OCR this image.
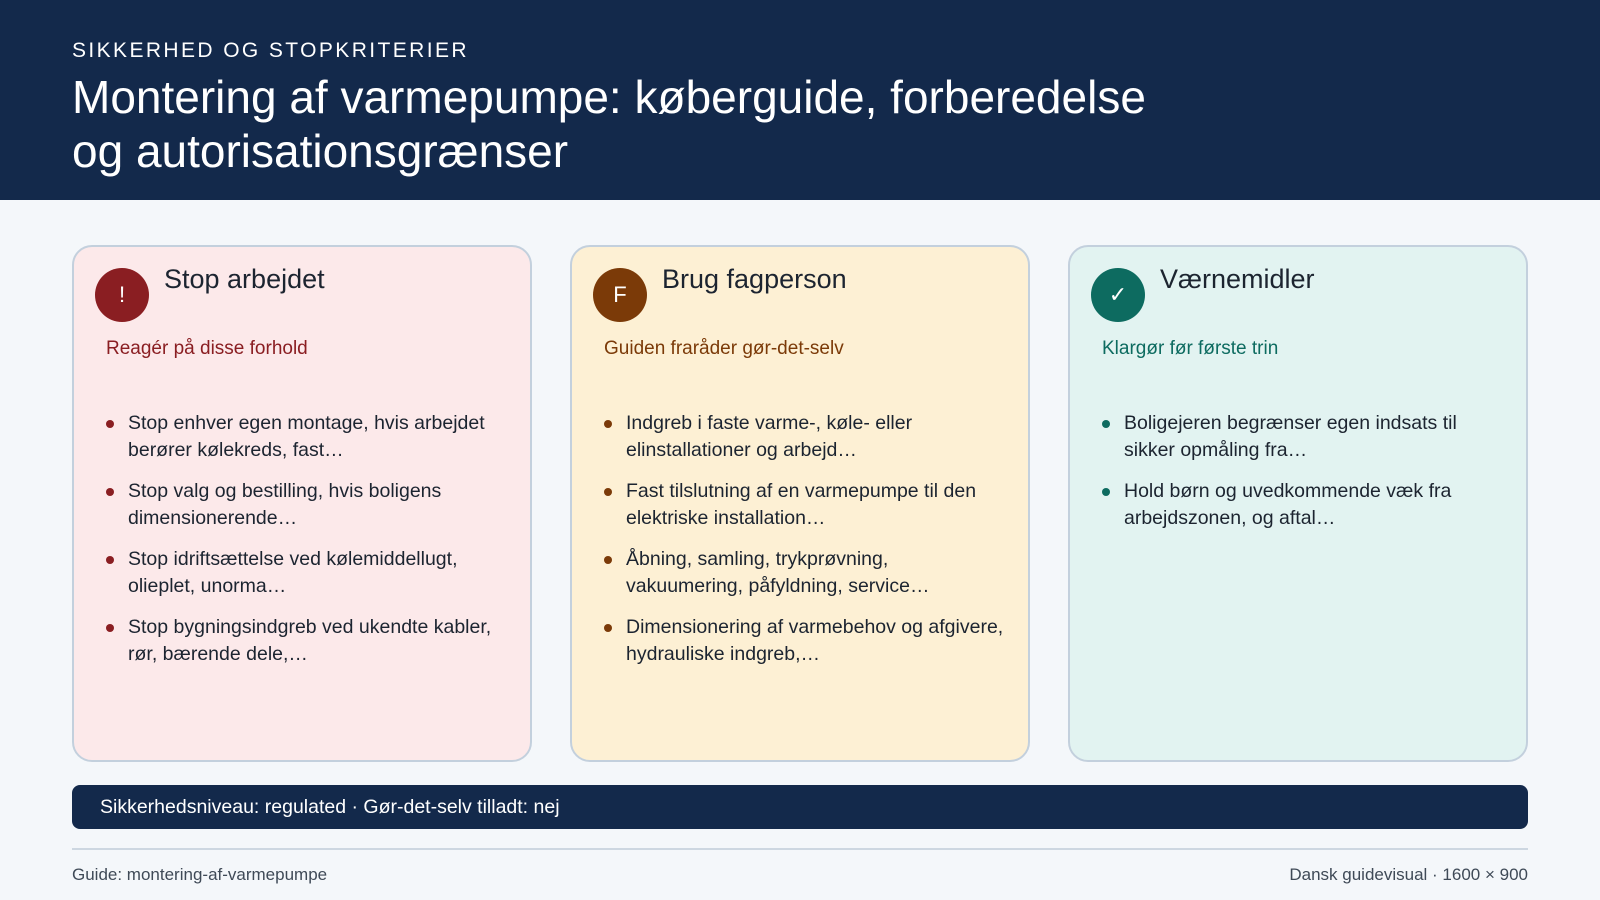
SIKKERHED OG STOPKRITERIER
Montering af varmepumpe: køberguide, forberedelse og autorisationsgrænser
!
Stop arbejdet
Reagér på disse forhold
Stop enhver egen montage, hvis arbejdet berører kølekreds, fast…
Stop valg og bestilling, hvis boligens dimensionerende…
Stop idriftsættelse ved kølemiddellugt, olieplet, unorma…
Stop bygningsindgreb ved ukendte kabler, rør, bærende dele,…
F
Brug fagperson
Guiden fraråder gør-det-selv
Indgreb i faste varme-, køle- eller elinstallationer og arbejd…
Fast tilslutning af en varmepumpe til den elektriske installation…
Åbning, samling, trykprøvning, vakuumering, påfyldning, service…
Dimensionering af varmebehov og afgivere, hydrauliske indgreb,…
✓
Værnemidler
Klargør før første trin
Boligejeren begrænser egen indsats til sikker opmåling fra…
Hold børn og uvedkommende væk fra arbejdszonen, og aftal…
Sikkerhedsniveau: regulated · Gør-det-selv tilladt: nej
Guide: montering-af-varmepumpe	Dansk guidevisual · 1600 × 900
